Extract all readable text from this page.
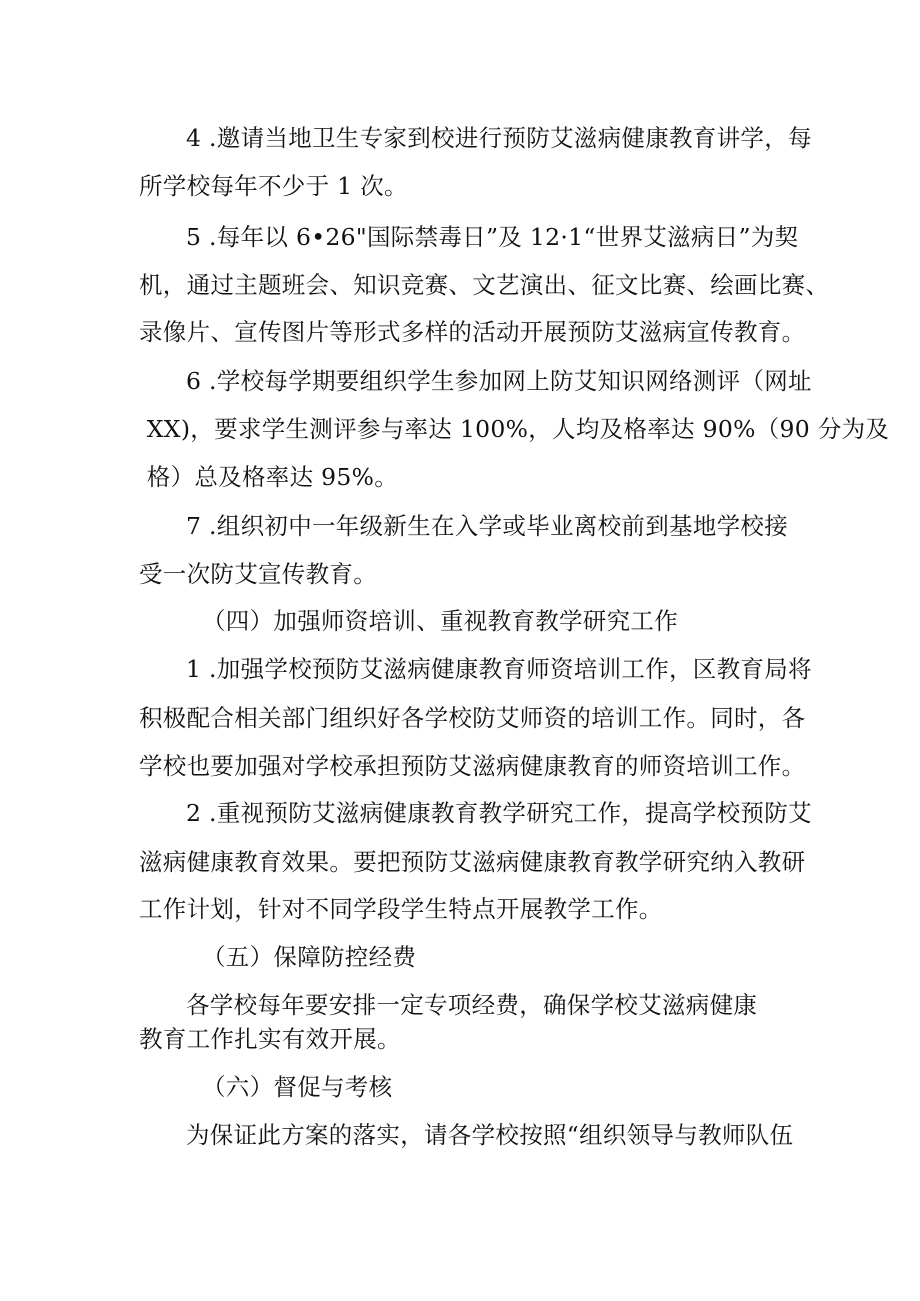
4 .邀请当地卫生专家到校进行预防艾滋病健康教育讲学，每
所学校每年不少于 1 次。
5 .每年以 6•26"国际禁毒日”及 12·1“世界艾滋病日”为契
机，通过主题班会、知识竞赛、文艺演出、征文比赛、绘画比赛、
录像片、宣传图片等形式多样的活动开展预防艾滋病宣传教育。
6 .学校每学期要组织学生参加网上防艾知识网络测评（网址
XX)，要求学生测评参与率达 100%，人均及格率达 90%（90 分为及
格）总及格率达 95%。
7 .组织初中一年级新生在入学或毕业离校前到基地学校接
受一次防艾宣传教育。
（四）加强师资培训、重视教育教学研究工作
1 .加强学校预防艾滋病健康教育师资培训工作，区教育局将
积极配合相关部门组织好各学校防艾师资的培训工作。同时，各
学校也要加强对学校承担预防艾滋病健康教育的师资培训工作。
2 .重视预防艾滋病健康教育教学研究工作，提高学校预防艾
滋病健康教育效果。要把预防艾滋病健康教育教学研究纳入教研
工作计划，针对不同学段学生特点开展教学工作。
（五）保障防控经费
各学校每年要安排一定专项经费，确保学校艾滋病健康
教育工作扎实有效开展。
（六）督促与考核
为保证此方案的落实，请各学校按照“组织领导与教师队伍
